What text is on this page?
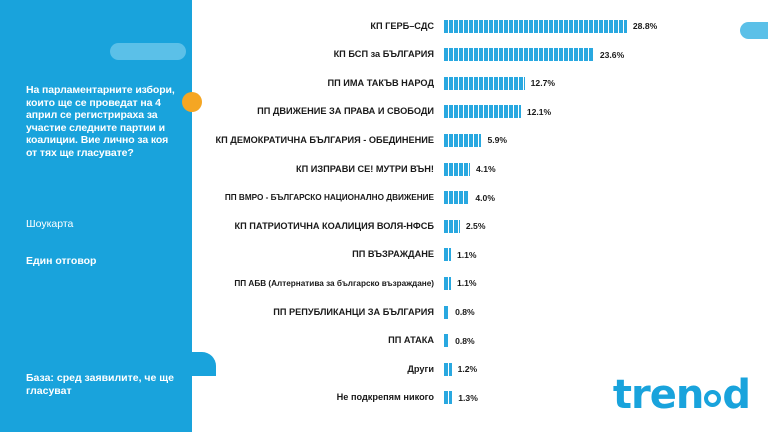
На парламентарните избори, които ще се проведат на 4 април се регистрираха за участие следните партии и коалиции. Вие лично за коя от тях ще гласувате?
Шоукарта
Един отговор
База: сред заявилите, че ще гласуват
КП ГЕРБ–СДС	28.8%
КП БСП за БЪЛГАРИЯ	23.6%
ПП ИМА ТАКЪВ НАРОД	12.7%
ПП ДВИЖЕНИЕ ЗА ПРАВА И СВОБОДИ	12.1%
КП ДЕМОКРАТИЧНА БЪЛГАРИЯ - ОБЕДИНЕНИЕ	5.9%
КП ИЗПРАВИ СЕ! МУТРИ ВЪН!	4.1%
ПП ВМРО - БЪЛГАРСКО НАЦИОНАЛНО ДВИЖЕНИЕ	4.0%
КП ПАТРИОТИЧНА КОАЛИЦИЯ ВОЛЯ-НФСБ	2.5%
ПП ВЪЗРАЖДАНЕ	1.1%
ПП АБВ (Алтернатива за българско възраждане)	1.1%
ПП РЕПУБЛИКАНЦИ ЗА БЪЛГАРИЯ	0.8%
ПП АТАКА	0.8%
Други	1.2%
Не подкрепям никого	1.3%	tre n d
